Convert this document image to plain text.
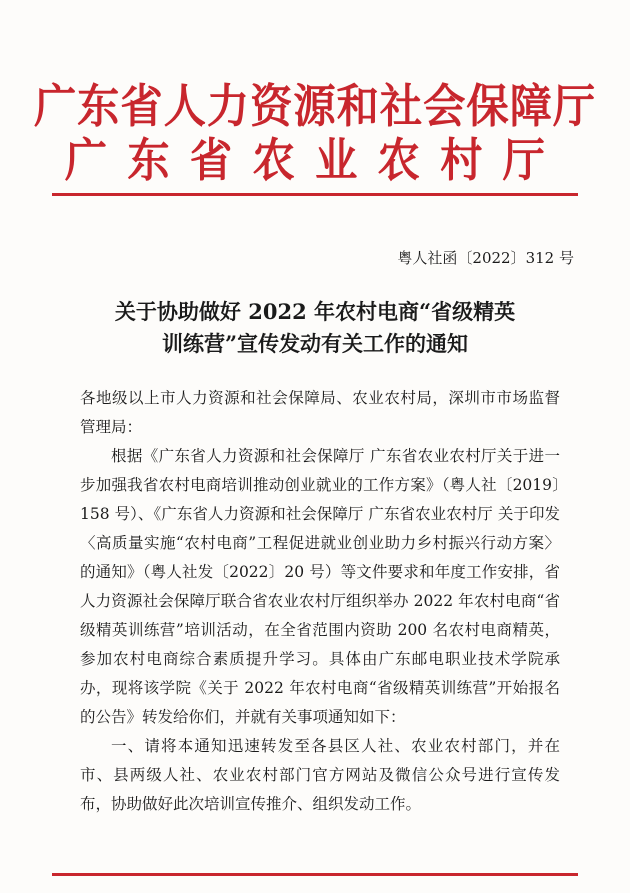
广东省人力资源和社会保障厅
广东省农业农村厅
粤人社函〔2022〕312 号
关于协助做好 2022 年农村电商“省级精英
训练营”宣传发动有关工作的通知

各地级以上市人力资源和社会保障局、农业农村局，深圳市市场监督管理局：

根据《广东省人力资源和社会保障厅 广东省农业农村厅关于进一步加强我省农村电商培训推动创业就业的工作方案》（粤人社〔2019〕158 号）、《广东省人力资源和社会保障厅 广东省农业农村厅 关于印发〈高质量实施“农村电商”工程促进就业创业助力乡村振兴行动方案〉的通知》（粤人社发〔2022〕20 号）等文件要求和年度工作安排，省人力资源社会保障厅联合省农业农村厅组织举办 2022 年农村电商“省级精英训练营”培训活动，在全省范围内资助 200 名农村电商精英，参加农村电商综合素质提升学习。具体由广东邮电职业技术学院承办，现将该学院《关于 2022 年农村电商“省级精英训练营”开始报名的公告》转发给你们，并就有关事项通知如下：

一、请将本通知迅速转发至各县区人社、农业农村部门，并在市、县两级人社、农业农村部门官方网站及微信公众号进行宣传发布，协助做好此次培训宣传推介、组织发动工作。
